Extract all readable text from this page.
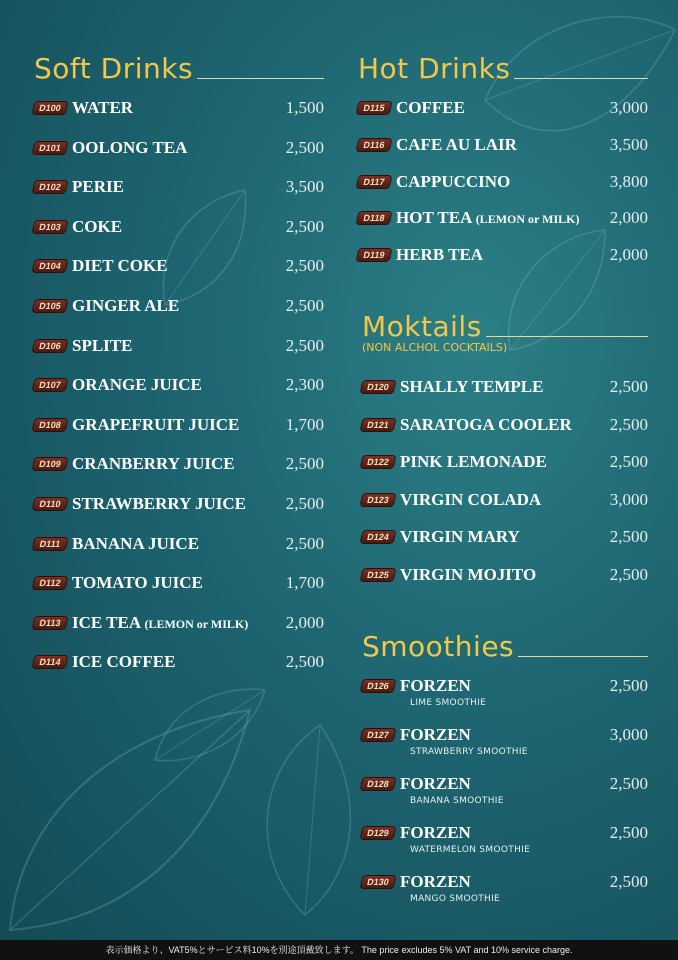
Soft Drinks
D100 WATER	1,500
D101 OOLONG TEA	2,500
D102 PERIE	3,500
D103 COKE	2,500
D104 DIET COKE	2,500
D105 GINGER ALE	2,500
D106 SPLITE	2,500
D107 ORANGE JUICE	2,300
D108 GRAPEFRUIT JUICE	1,700
D109 CRANBERRY JUICE	2,500
D110 STRAWBERRY JUICE	2,500
D111 BANANA JUICE	2,500
D112 TOMATO JUICE	1,700
D113 ICE TEA (LEMON or MILK)	2,000
D114 ICE COFFEE	2,500
Hot Drinks
D115 COFFEE	3,000
D116 CAFE AU LAIR	3,500
D117 CAPPUCCINO	3,800
D118 HOT TEA (LEMON or MILK)	2,000
D119 HERB TEA	2,000
Moktails
(NON ALCHOL COCKTAILS)
D120 SHALLY TEMPLE	2,500
D121 SARATOGA COOLER	2,500
D122 PINK LEMONADE	2,500
D123 VIRGIN COLADA	3,000
D124 VIRGIN MARY	2,500
D125 VIRGIN MOJITO	2,500
Smoothies
D126 FORZEN	2,500
LIME SMOOTHIE
D127 FORZEN	3,000
STRAWBERRY SMOOTHIE
D128 FORZEN	2,500
BANANA SMOOTHIE
D129 FORZEN	2,500
WATERMELON SMOOTHIE
D130 FORZEN	2,500
MANGO SMOOTHIE
表示価格より、VAT5%とサービス料10%を別途頂戴致します。 The price excludes 5% VAT and 10% service charge.
